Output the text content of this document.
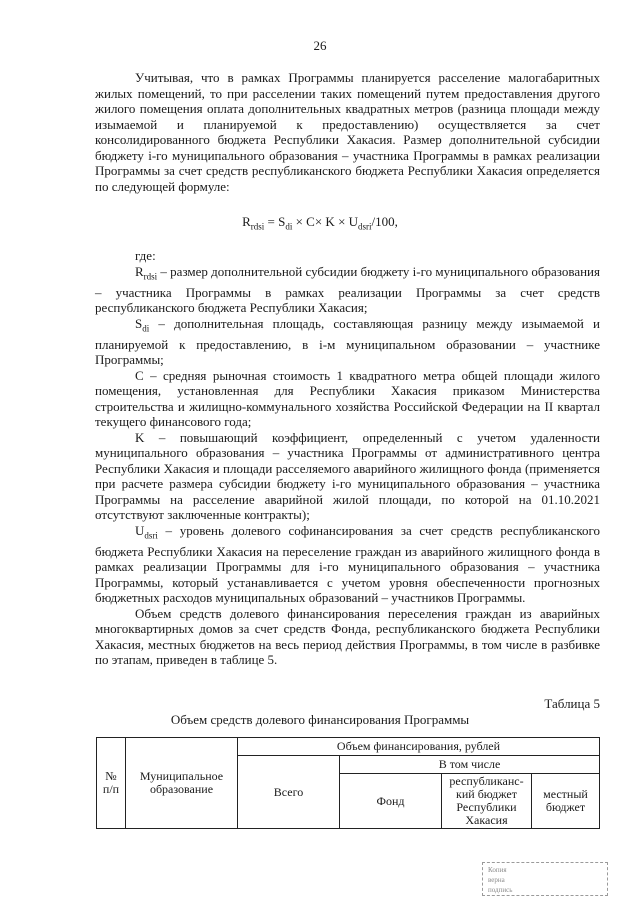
26

Учитывая, что в рамках Программы планируется расселение малогабаритных жилых помещений, то при расселении таких помещений путем предоставления другого жилого помещения оплата дополнительных квадратных метров (разница площади между изымаемой и планируемой к предоставлению) осуществляется за счет консолидированного бюджета Республики Хакасия. Размер дополнительной субсидии бюджету i-го муниципального образования – участника Программы в рамках реализации Программы за счет средств республиканского бюджета Республики Хакасия определяется по следующей формуле:

$R_{rdsi} = S_{di} \times C\times K \times U_{dsri}/100$,

где:

$R_{rdsi}$ – размер дополнительной субсидии бюджету i-го муниципального образования – участника Программы в рамках реализации Программы за счет средств республиканского бюджета Республики Хакасия;

$S_{di}$ – дополнительная площадь, составляющая разницу между изымаемой и планируемой к предоставлению, в i-м муниципальном образовании – участнике Программы;

C – средняя рыночная стоимость 1 квадратного метра общей площади жилого помещения, установленная для Республики Хакасия приказом Министерства строительства и жилищно-коммунального хозяйства Российской Федерации на II квартал текущего финансового года;

K – повышающий коэффициент, определенный с учетом удаленности муниципального образования – участника Программы от административного центра Республики Хакасия и площади расселяемого аварийного жилищного фонда (применяется при расчете размера субсидии бюджету i-го муниципального образования – участника Программы на расселение аварийной жилой площади, по которой на 01.10.2021 отсутствуют заключенные контракты);

$U_{dsri}$ – уровень долевого софинансирования за счет средств республиканского бюджета Республики Хакасия на переселение граждан из аварийного жилищного фонда в рамках реализации Программы для i-го муниципального образования – участника Программы, который устанавливается с учетом уровня обеспеченности прогнозных бюджетных расходов муниципальных образований – участников Программы.

Объем средств долевого финансирования переселения граждан из аварийных многоквартирных домов за счет средств Фонда, республиканского бюджета Республики Хакасия, местных бюджетов на весь период действия Программы, в том числе в разбивке по этапам, приведен в таблице 5.

Таблица 5
Объем средств долевого финансирования Программы
№ п/п	Муниципальное образование	Объем финансирования, рублей			
		Всего	В том числе		
			Фонд	республиканс-кий бюджет Республики Хакасия	местный бюджет
Копия
верна
подпись
